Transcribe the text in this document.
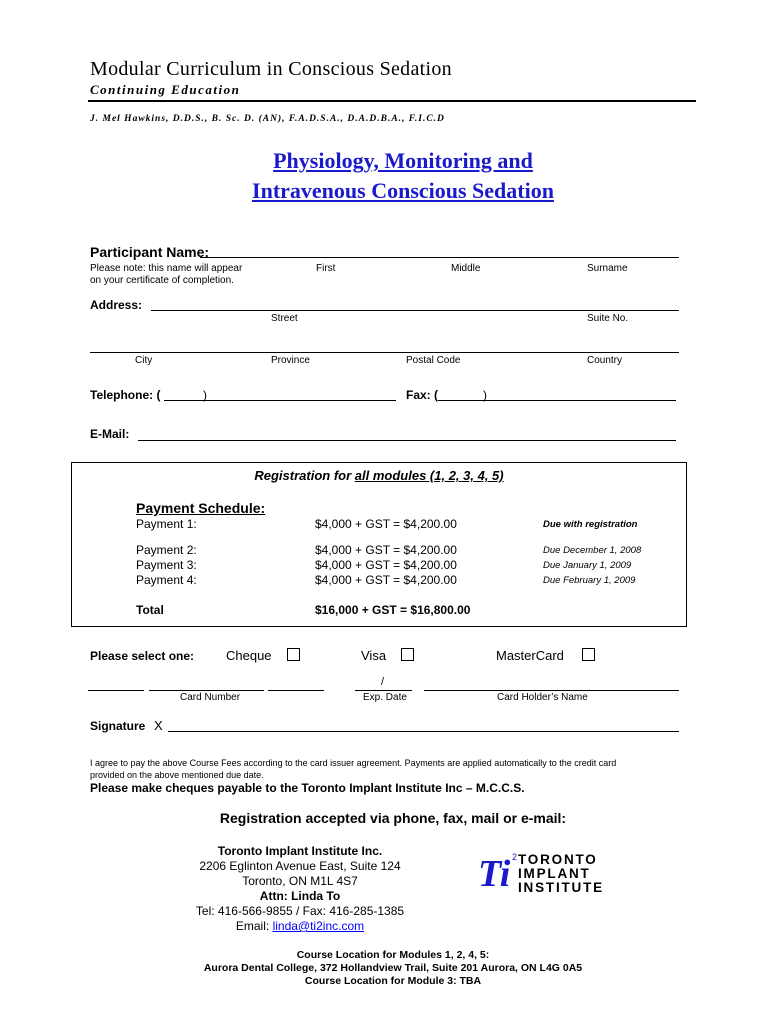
Modular Curriculum in Conscious Sedation
Continuing Education
J. Mel Hawkins, D.D.S., B. Sc. D. (AN), F.A.D.S.A., D.A.D.B.A., F.I.C.D
Physiology, Monitoring and
Intravenous Conscious Sedation
Participant Name:
Please note: this name will appear
on your certificate of completion.
First	Middle	Surname
Address:
Street	Suite No.
City	Province	Postal Code	Country
Telephone: (	)	Fax: (	)
E-Mail:
Registration for all modules (1, 2, 3, 4, 5)
Payment Schedule:
Payment 1:	$4,000 + GST = $4,200.00	Due with registration
Payment 2:	$4,000 + GST = $4,200.00	Due December 1, 2008
Payment 3:	$4,000 + GST = $4,200.00	Due January 1, 2009
Payment 4:	$4,000 + GST = $4,200.00	Due February 1, 2009
Total	$16,000 + GST = $16,800.00
Please select one: Cheque	Visa	MasterCard
Card Number
/
Exp. Date	Card Holder’s Name
Signature X
I agree to pay the above Course Fees according to the card issuer agreement. Payments are applied automatically to the credit card
provided on the above mentioned due date.
Please make cheques payable to the Toronto Implant Institute Inc – M.C.C.S.
Registration accepted via phone, fax, mail or e-mail:
Toronto Implant Institute Inc.
2206 Eglinton Avenue East, Suite 124
Toronto, ON M1L 4S7
Attn: Linda To
Tel: 416-566-9855 / Fax: 416-285-1385
Email: linda@ti2inc.com
Ti 2 TORONTO
IMPLANT
INSTITUTE
Course Location for Modules 1, 2, 4, 5:
Aurora Dental College, 372 Hollandview Trail, Suite 201 Aurora, ON L4G 0A5
Course Location for Module 3: TBA
